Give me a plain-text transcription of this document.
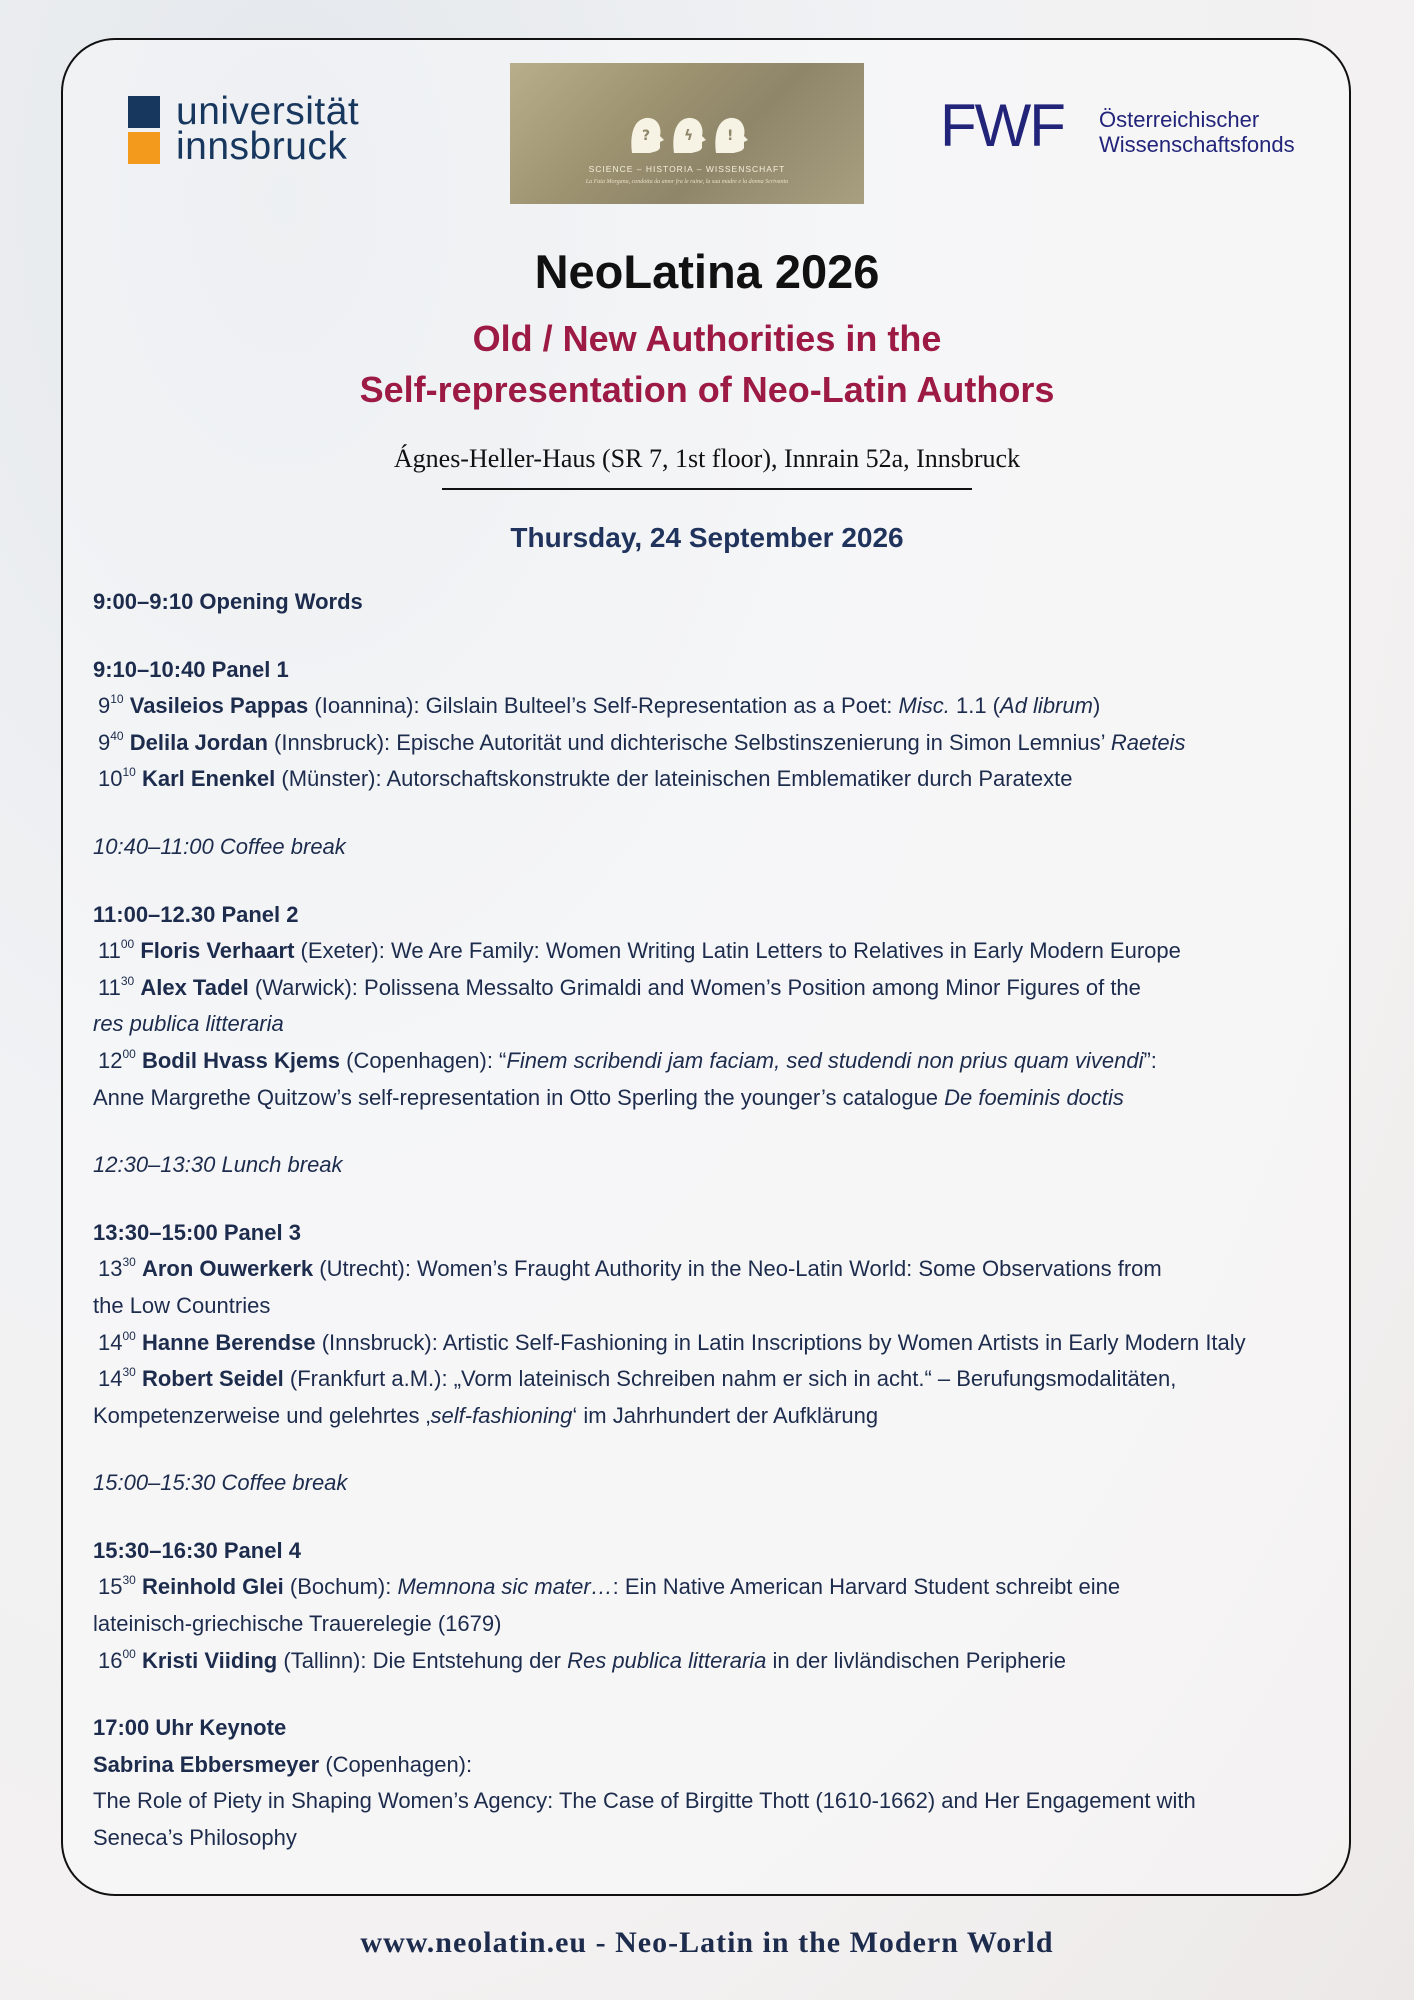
universität
innsbruck	? ϟ !
SCIENCE – HISTORIA – WISSENSCHAFT
La Fata Morgana, condotta da amor fra le ruine, la sua madre e la donna Scrivanta
FWF Österreichischer
Wissenschaftsfonds
NeoLatina 2026
Old / New Authorities in the
Self-representation of Neo-Latin Authors
Ágnes-Heller-Haus (SR 7, 1st floor), Innrain 52a, Innsbruck
Thursday, 24 September 2026

9:00–9:10 Opening Words

9:10–10:40 Panel 1

$9^{10}$ Vasileios Pappas (Ioannina): Gilslain Bulteel’s Self-Representation as a Poet: Misc. 1.1 (Ad librum)

$9^{40}$ Delila Jordan (Innsbruck): Epische Autorität und dichterische Selbstinszenierung in Simon Lemnius’ Raeteis

$10^{10}$ Karl Enenkel (Münster): Autorschaftskonstrukte der lateinischen Emblematiker durch Paratexte

10:40–11:00 Coffee break

11:00–12.30 Panel 2

$11^{00}$ Floris Verhaart (Exeter): We Are Family: Women Writing Latin Letters to Relatives in Early Modern Europe

$11^{30}$ Alex Tadel (Warwick): Polissena Messalto Grimaldi and Women’s Position among Minor Figures of the

res publica litteraria

$12^{00}$ Bodil Hvass Kjems (Copenhagen): “Finem scribendi jam faciam, sed studendi non prius quam vivendi”:

Anne Margrethe Quitzow’s self-representation in Otto Sperling the younger’s catalogue De foeminis doctis

12:30–13:30 Lunch break

13:30–15:00 Panel 3

$13^{30}$ Aron Ouwerkerk (Utrecht): Women’s Fraught Authority in the Neo-Latin World: Some Observations from

the Low Countries

$14^{00}$ Hanne Berendse (Innsbruck): Artistic Self-Fashioning in Latin Inscriptions by Women Artists in Early Modern Italy

$14^{30}$ Robert Seidel (Frankfurt a.M.): „Vorm lateinisch Schreiben nahm er sich in acht.“ – Berufungsmodalitäten,

Kompetenzerweise und gelehrtes ‚self-fashioning‘ im Jahrhundert der Aufklärung

15:00–15:30 Coffee break

15:30–16:30 Panel 4

$15^{30}$ Reinhold Glei (Bochum): Memnona sic mater…: Ein Native American Harvard Student schreibt eine

lateinisch-griechische Trauerelegie (1679)

$16^{00}$ Kristi Viiding (Tallinn): Die Entstehung der Res publica litteraria in der livländischen Peripherie

17:00 Uhr Keynote

Sabrina Ebbersmeyer (Copenhagen):

The Role of Piety in Shaping Women’s Agency: The Case of Birgitte Thott (1610-1662) and Her Engagement with

Seneca’s Philosophy

www.neolatin.eu - Neo-Latin in the Modern World
